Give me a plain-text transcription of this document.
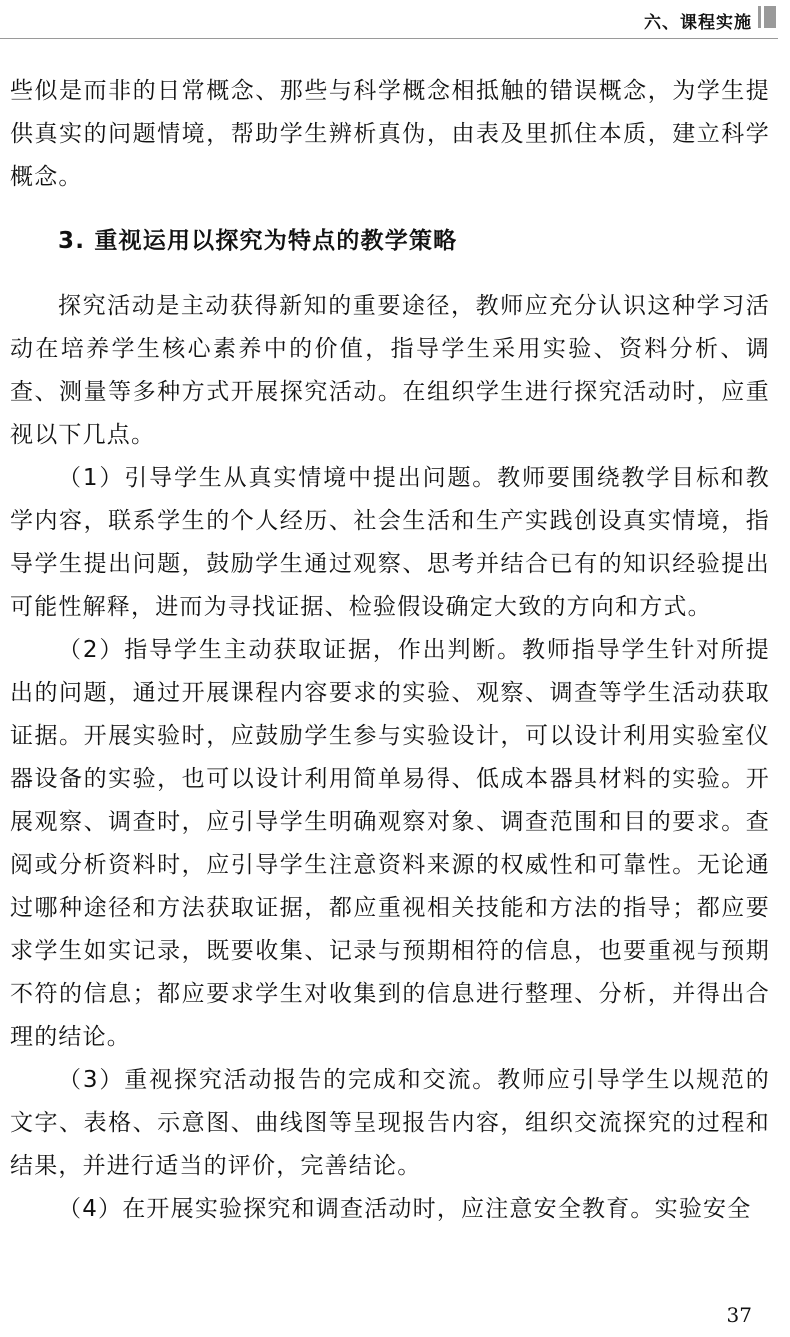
六、课程实施

些似是而非的日常概念、那些与科学概念相抵触的错误概念，为学生提供真实的问题情境，帮助学生辨析真伪，由表及里抓住本质，建立科学概念。

3. 重视运用以探究为特点的教学策略

探究活动是主动获得新知的重要途径，教师应充分认识这种学习活动在培养学生核心素养中的价值，指导学生采用实验、资料分析、调查、测量等多种方式开展探究活动。在组织学生进行探究活动时，应重视以下几点。

（1）引导学生从真实情境中提出问题。教师要围绕教学目标和教学内容，联系学生的个人经历、社会生活和生产实践创设真实情境，指导学生提出问题，鼓励学生通过观察、思考并结合已有的知识经验提出可能性解释，进而为寻找证据、检验假设确定大致的方向和方式。

（2）指导学生主动获取证据，作出判断。教师指导学生针对所提出的问题，通过开展课程内容要求的实验、观察、调查等学生活动获取证据。开展实验时，应鼓励学生参与实验设计，可以设计利用实验室仪器设备的实验，也可以设计利用简单易得、低成本器具材料的实验。开展观察、调查时，应引导学生明确观察对象、调查范围和目的要求。查阅或分析资料时，应引导学生注意资料来源的权威性和可靠性。无论通过哪种途径和方法获取证据，都应重视相关技能和方法的指导；都应要求学生如实记录，既要收集、记录与预期相符的信息，也要重视与预期不符的信息；都应要求学生对收集到的信息进行整理、分析，并得出合理的结论。

（3）重视探究活动报告的完成和交流。教师应引导学生以规范的文字、表格、示意图、曲线图等呈现报告内容，组织交流探究的过程和结果，并进行适当的评价，完善结论。

（4）在开展实验探究和调查活动时，应注意安全教育。实验安全

37
